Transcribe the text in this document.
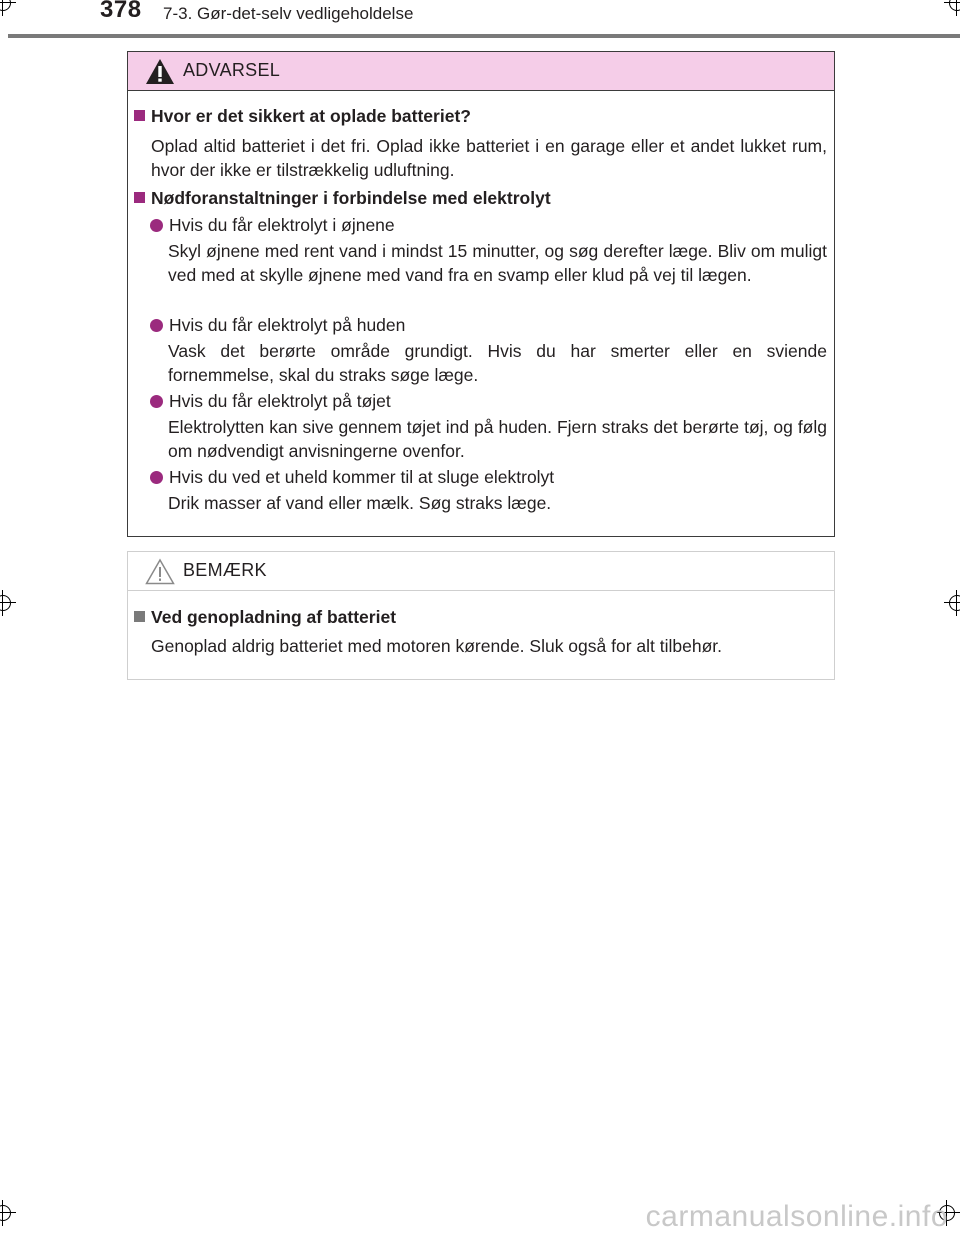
378 7-3. Gør-det-selv vedligeholdelse
ADVARSEL
Hvor er det sikkert at oplade batteriet?
Oplad altid batteriet i det fri. Oplad ikke batteriet i en garage eller et andet lukket rum, hvor der ikke er tilstrækkelig udluftning.
Nødforanstaltninger i forbindelse med elektrolyt
Hvis du får elektrolyt i øjnene
Skyl øjnene med rent vand i mindst 15 minutter, og søg derefter læge. Bliv om muligt ved med at skylle øjnene med vand fra en svamp eller klud på vej til lægen.
Hvis du får elektrolyt på huden
Vask det berørte område grundigt. Hvis du har smerter eller en sviende fornemmelse, skal du straks søge læge.
Hvis du får elektrolyt på tøjet
Elektrolytten kan sive gennem tøjet ind på huden. Fjern straks det berørte tøj, og følg om nødvendigt anvisningerne ovenfor.
Hvis du ved et uheld kommer til at sluge elektrolyt
Drik masser af vand eller mælk. Søg straks læge.
BEMÆRK
Ved genopladning af batteriet
Genoplad aldrig batteriet med motoren kørende. Sluk også for alt tilbehør.
carmanualsonline.info
